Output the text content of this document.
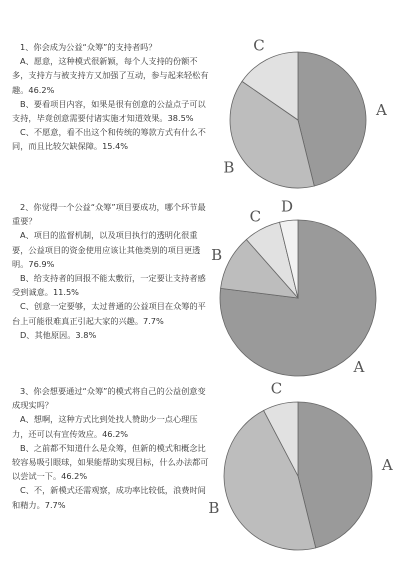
1、你会成为公益“众筹”的支持者吗？

A、愿意，这种模式很新颖，每个人支持的份额不多，支持方与被支持方又加强了互动，参与起来轻松有趣。46.2%

B、要看项目内容，如果是很有创意的公益点子可以支持，毕竟创意需要付诸实施才知道效果。38.5%

C、不愿意，看不出这个和传统的筹款方式有什么不同，而且比较欠缺保障。15.4%

A
B
C

2、你觉得一个公益“众筹”项目要成功，哪个环节最重要？

A、项目的监督机制，以及项目执行的透明化很重要，公益项目的资金使用应该让其他类别的项目更透明。76.9%

B、给支持者的回报不能太敷衍，一定要让支持者感受到诚意。11.5%

C、创意一定要够，太过普通的公益项目在众筹的平台上可能很难真正引起大家的兴趣。7.7%

D、其他原因。3.8%

A
B
C
D

3、你会想要通过“众筹”的模式将自己的公益创意变成现实吗？

A、想啊，这种方式比到处找人赞助少一点心理压力，还可以有宣传效应。46.2%

B、之前都不知道什么是众筹，但新的模式和概念比较容易吸引眼球，如果能帮助实现目标，什么办法都可以尝试一下。46.2%

C、不，新模式还需观察，成功率比较低，浪费时间和精力。7.7%

A
B
C
